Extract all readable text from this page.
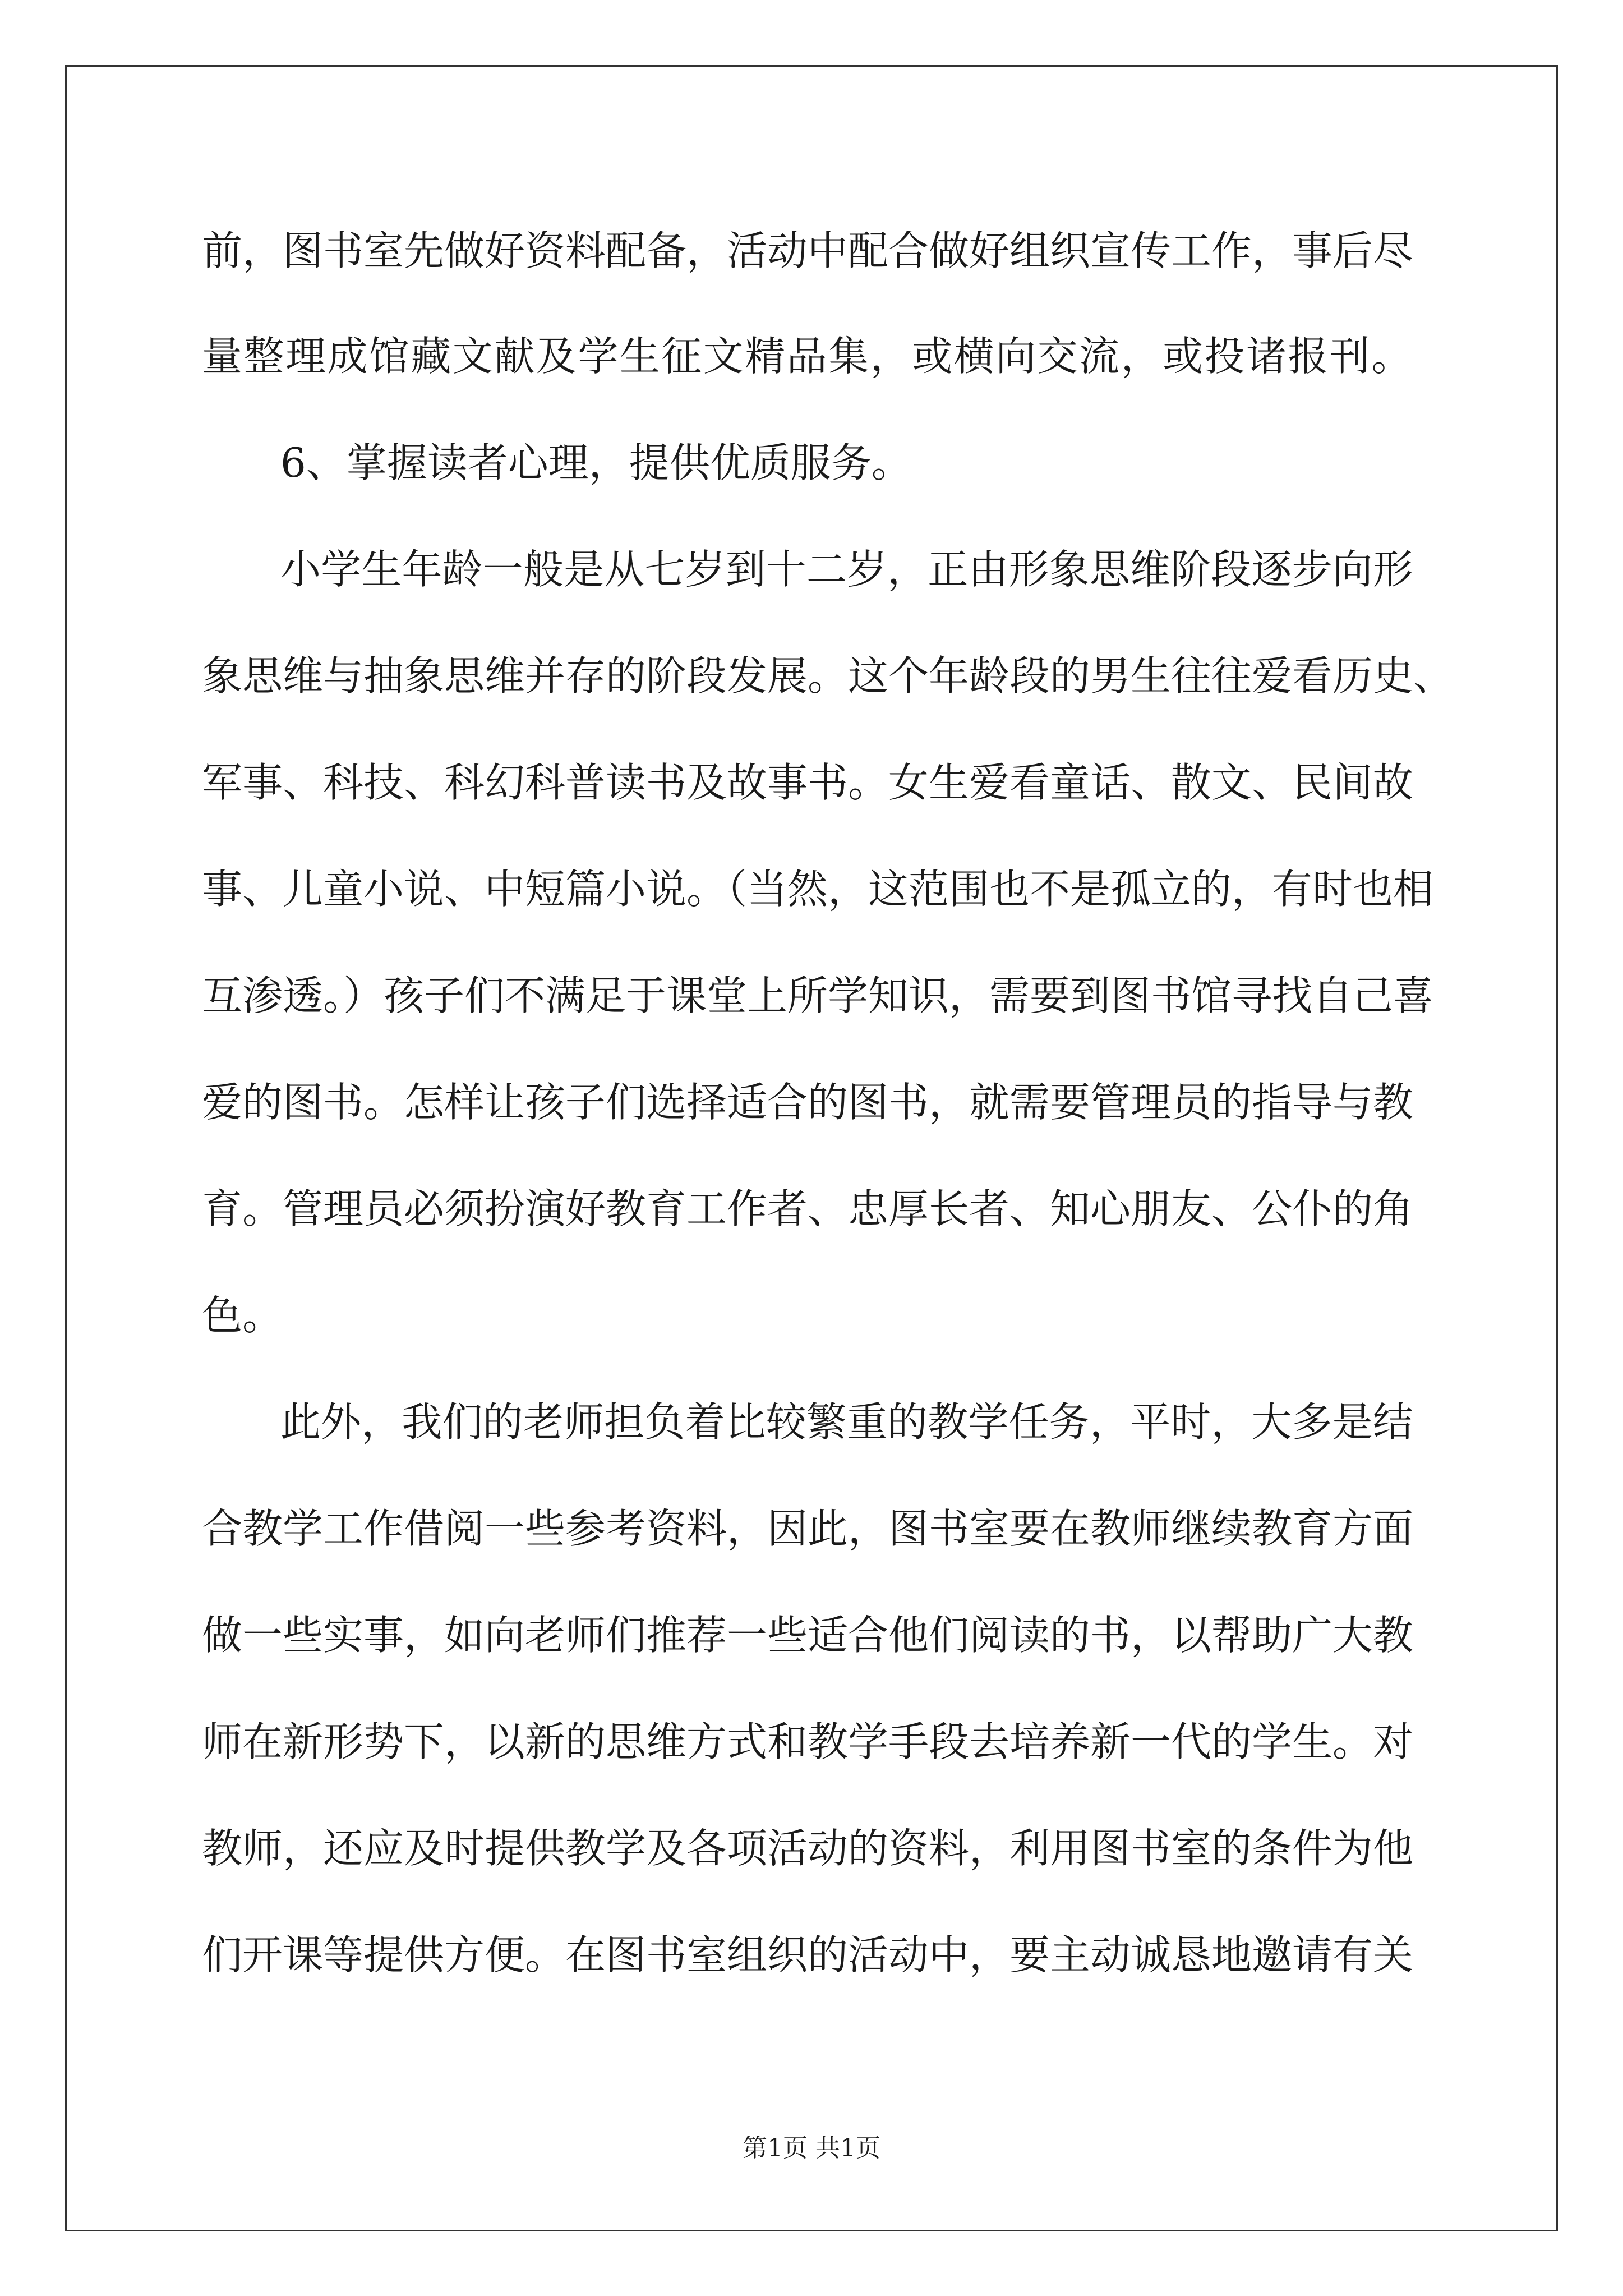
前，图书室先做好资料配备，活动中配合做好组织宣传工作，事后尽
量整理成馆藏文献及学生征文精品集，或横向交流，或投诸报刊。
6、掌握读者心理，提供优质服务。
小学生年龄一般是从七岁到十二岁，正由形象思维阶段逐步向形
象思维与抽象思维并存的阶段发展。这个年龄段的男生往往爱看历史、
军事、科技、科幻科普读书及故事书。女生爱看童话、散文、民间故
事、儿童小说、中短篇小说。（当然，这范围也不是孤立的，有时也相
互渗透。）孩子们不满足于课堂上所学知识，需要到图书馆寻找自己喜
爱的图书。怎样让孩子们选择适合的图书，就需要管理员的指导与教
育。管理员必须扮演好教育工作者、忠厚长者、知心朋友、公仆的角
色。
此外，我们的老师担负着比较繁重的教学任务，平时，大多是结
合教学工作借阅一些参考资料，因此，图书室要在教师继续教育方面
做一些实事，如向老师们推荐一些适合他们阅读的书，以帮助广大教
师在新形势下，以新的思维方式和教学手段去培养新一代的学生。对
教师，还应及时提供教学及各项活动的资料，利用图书室的条件为他
们开课等提供方便。在图书室组织的活动中，要主动诚恳地邀请有关
第1页 共1页
